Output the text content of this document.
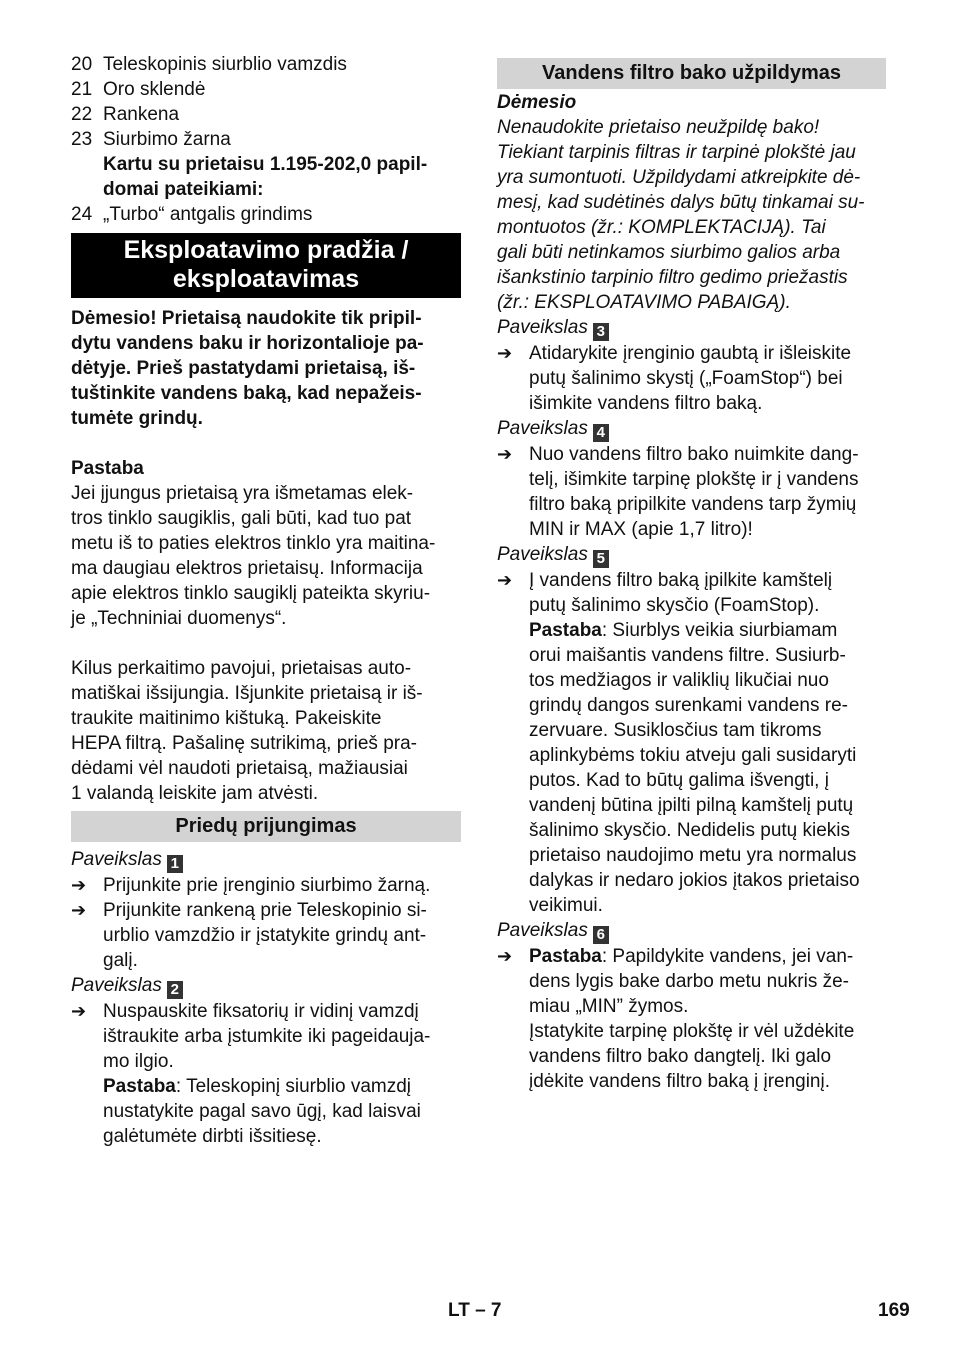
20 Teleskopinis siurblio vamzdis
21 Oro sklendė
22 Rankena
23 Siurbimo žarna

Kartu su prietaisu 1.195-202,0 papil-
domai pateikiami:

24 „Turbo“ antgalis grindims
Eksploatavimo pradžia / eksploatavimas

Dėmesio! Prietaisą naudokite tik pripil-
dytu vandens baku ir horizontalioje pa-
dėtyje. Prieš pastatydami prietaisą, iš-
tuštinkite vandens baką, kad nepažeis-
tumėte grindų.

Pastaba

Jei įjungus prietaisą yra išmetamas elek-
tros tinklo saugiklis, gali būti, kad tuo pat
metu iš to paties elektros tinklo yra maitina-
ma daugiau elektros prietaisų. Informacija
apie elektros tinklo saugiklį pateikta skyriu-
je „Techniniai duomenys“.

Kilus perkaitimo pavojui, prietaisas auto-
matiškai išsijungia. Išjunkite prietaisą ir iš-
traukite maitinimo kištuką. Pakeiskite
HEPA filtrą. Pašalinę sutrikimą, prieš pra-
dėdami vėl naudoti prietaisą, mažiausiai
1 valandą leiskite jam atvėsti.

Priedų prijungimas

Paveikslas 1

➔ Prijunkite prie įrenginio siurbimo žarną.
➔ Prijunkite rankeną prie Teleskopinio si-
urblio vamzdžio ir įstatykite grindų ant-
galį.

Paveikslas 2

➔ Nuspauskite fiksatorių ir vidinį vamzdį
ištraukite arba įstumkite iki pageidauja-
mo ilgio.
Pastaba: Teleskopinį siurblio vamzdį
nustatykite pagal savo ūgį, kad laisvai
galėtumėte dirbti išsitiesę.
Vandens filtro bako užpildymas

Dėmesio

Nenaudokite prietaiso neužpildę bako!
Tiekiant tarpinis filtras ir tarpinė plokštė jau
yra sumontuoti. Užpildydami atkreipkite dė-
mesį, kad sudėtinės dalys būtų tinkamai su-
montuotos (žr.: KOMPLEKTACIJĄ). Tai
gali būti netinkamos siurbimo galios arba
išankstinio tarpinio filtro gedimo priežastis
(žr.: EKSPLOATAVIMO PABAIGĄ).

Paveikslas 3

➔ Atidarykite įrenginio gaubtą ir išleiskite
putų šalinimo skystį („FoamStop“) bei
išimkite vandens filtro baką.

Paveikslas 4

➔ Nuo vandens filtro bako nuimkite dang-
telį, išimkite tarpinę plokštę ir į vandens
filtro baką pripilkite vandens tarp žymių
MIN ir MAX (apie 1,7 litro)!

Paveikslas 5

➔ Į vandens filtro baką įpilkite kamštelį
putų šalinimo skysčio (FoamStop).
Pastaba: Siurblys veikia siurbiamam
orui maišantis vandens filtre. Susiurb-
tos medžiagos ir valiklių likučiai nuo
grindų dangos surenkami vandens re-
zervuare. Susiklosčius tam tikroms
aplinkybėms tokiu atveju gali susidaryti
putos. Kad to būtų galima išvengti, į
vandenį būtina įpilti pilną kamštelį putų
šalinimo skysčio. Nedidelis putų kiekis
prietaiso naudojimo metu yra normalus
dalykas ir nedaro jokios įtakos prietaiso
veikimui.

Paveikslas 6

➔ Pastaba: Papildykite vandens, jei van-
dens lygis bake darbo metu nukris že-
miau „MIN” žymos.
Įstatykite tarpinę plokštę ir vėl uždėkite
vandens filtro bako dangtelį. Iki galo
įdėkite vandens filtro baką į įrenginį.
LT – 7	169
